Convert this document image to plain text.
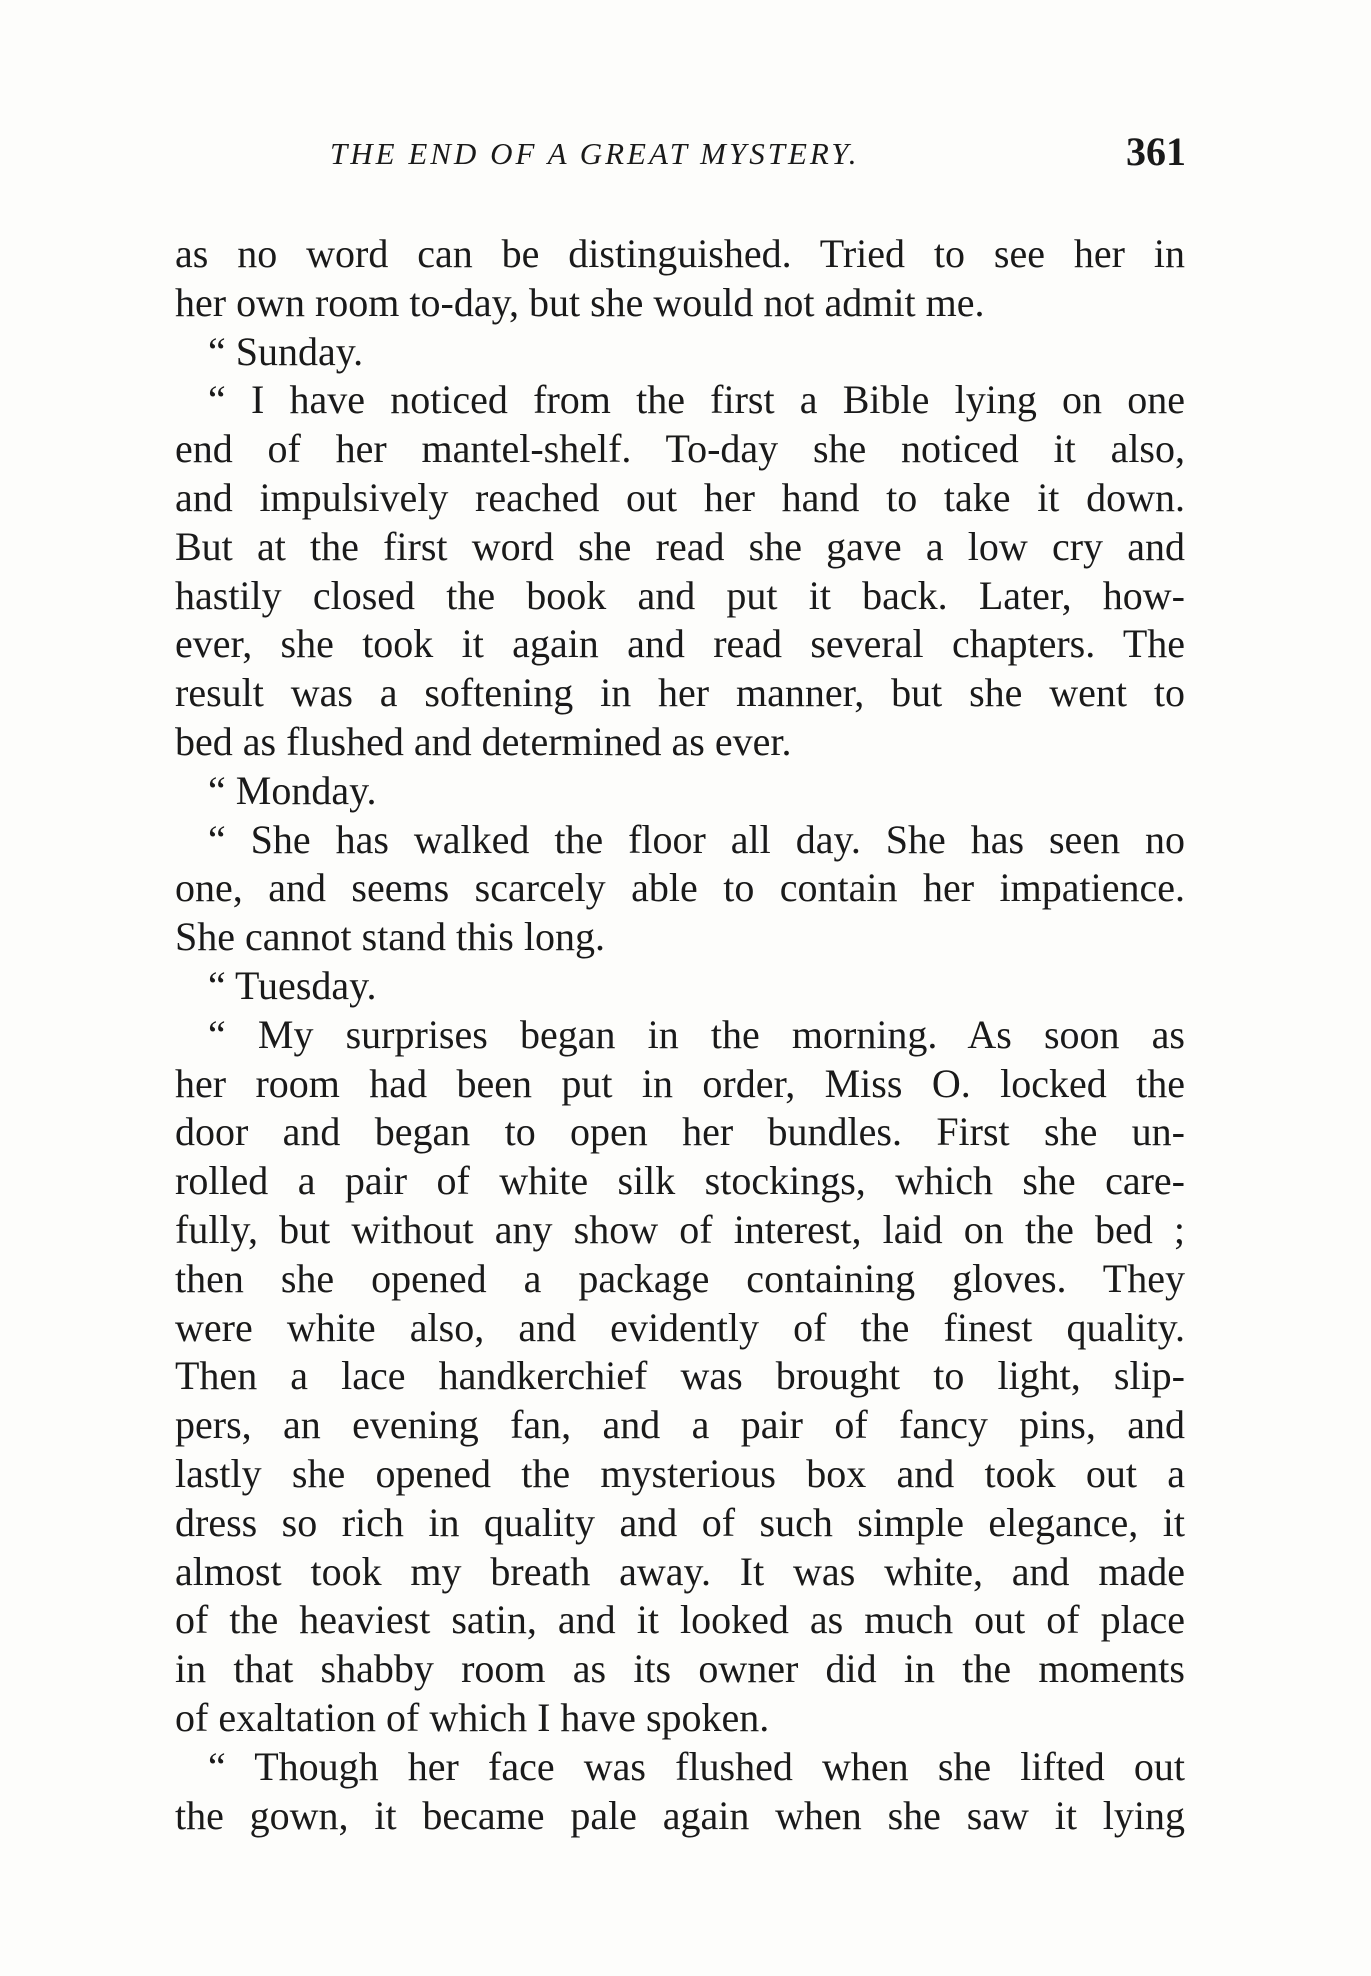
THE END OF A GREAT MYSTERY.	361
as no word can be distinguished. Tried to see her in
her own room to-day, but she would not admit me.
“ Sunday.
“ I have noticed from the first a Bible lying on one
end of her mantel-shelf. To-day she noticed it also,
and impulsively reached out her hand to take it down.
But at the first word she read she gave a low cry and
hastily closed the book and put it back. Later, how-
ever, she took it again and read several chapters. The
result was a softening in her manner, but she went to
bed as flushed and determined as ever.
“ Monday.
“ She has walked the floor all day. She has seen no
one, and seems scarcely able to contain her impatience.
She cannot stand this long.
“ Tuesday.
“ My surprises began in the morning. As soon as
her room had been put in order, Miss O. locked the
door and began to open her bundles. First she un-
rolled a pair of white silk stockings, which she care-
fully, but without any show of interest, laid on the bed ;
then she opened a package containing gloves. They
were white also, and evidently of the finest quality.
Then a lace handkerchief was brought to light, slip-
pers, an evening fan, and a pair of fancy pins, and
lastly she opened the mysterious box and took out a
dress so rich in quality and of such simple elegance, it
almost took my breath away. It was white, and made
of the heaviest satin, and it looked as much out of place
in that shabby room as its owner did in the moments
of exaltation of which I have spoken.
“ Though her face was flushed when she lifted out
the gown, it became pale again when she saw it lying
